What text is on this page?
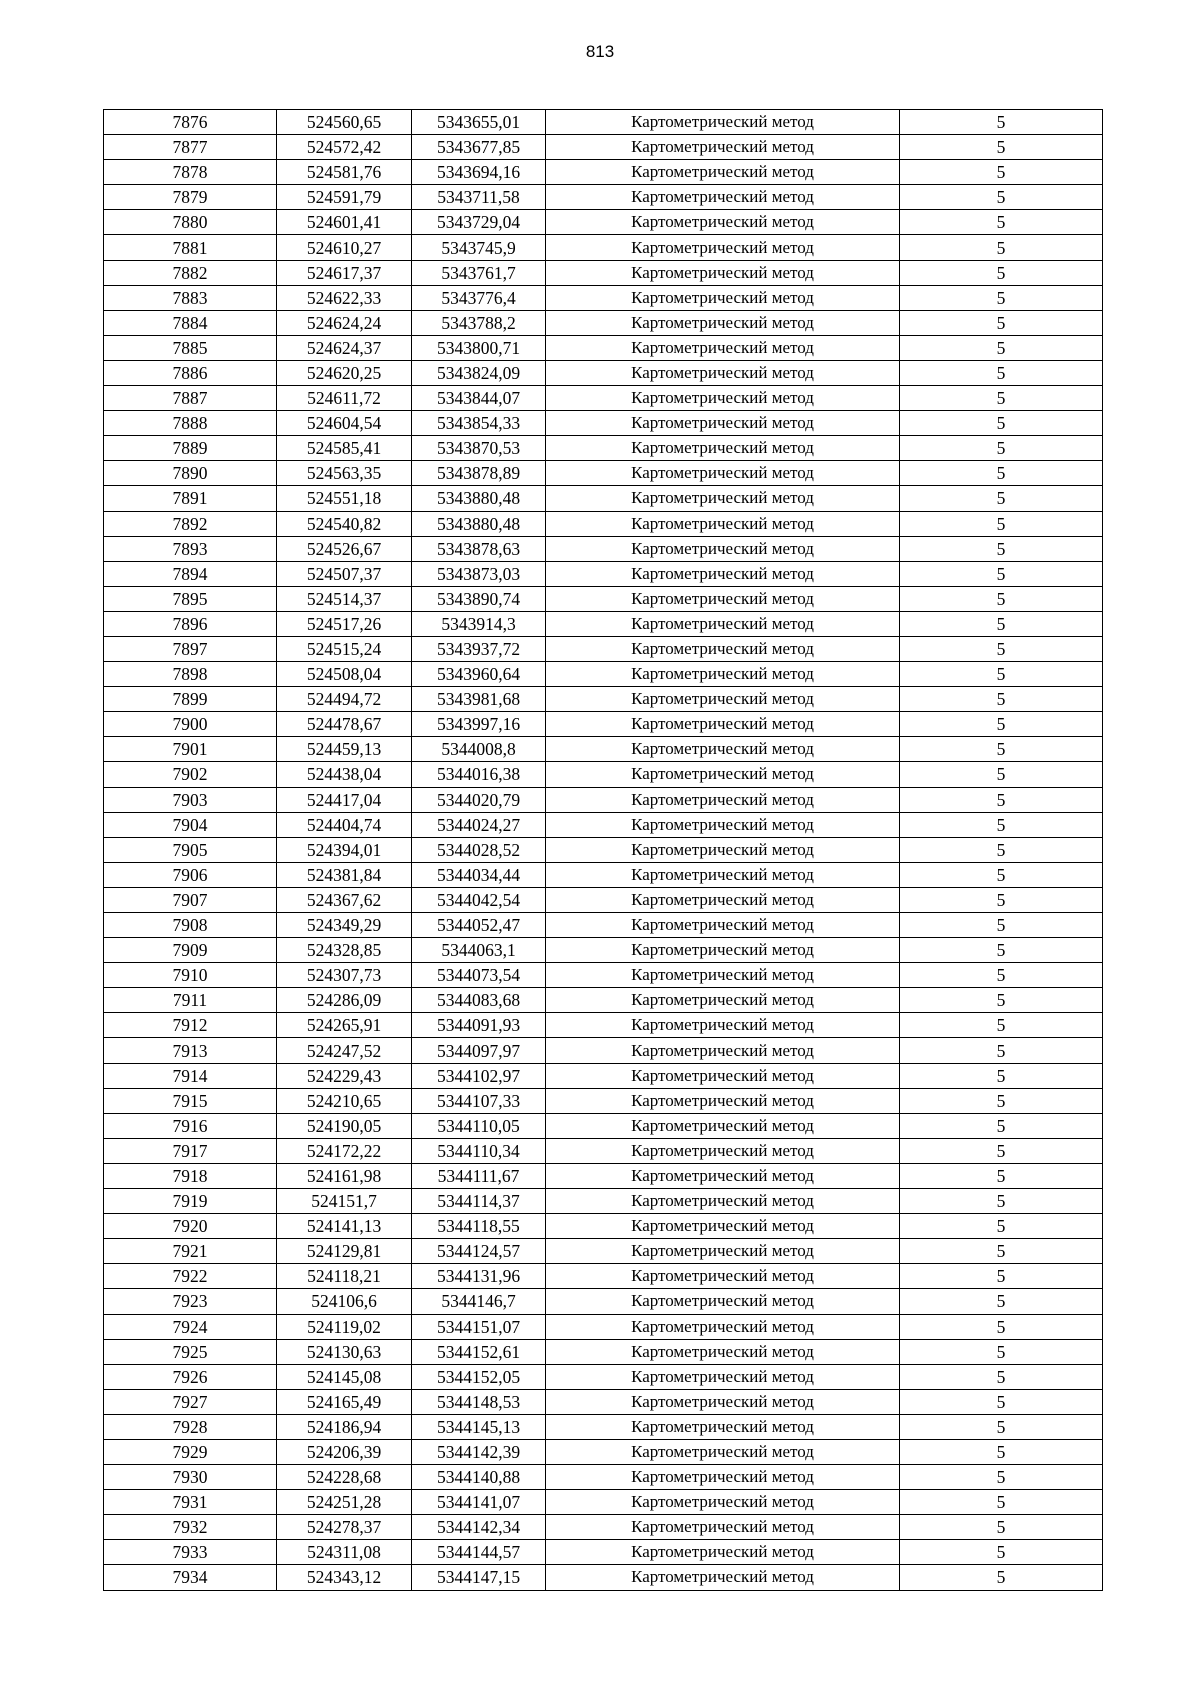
813
7876	524560,65	5343655,01	Картометрический метод	5
7877	524572,42	5343677,85	Картометрический метод	5
7878	524581,76	5343694,16	Картометрический метод	5
7879	524591,79	5343711,58	Картометрический метод	5
7880	524601,41	5343729,04	Картометрический метод	5
7881	524610,27	5343745,9	Картометрический метод	5
7882	524617,37	5343761,7	Картометрический метод	5
7883	524622,33	5343776,4	Картометрический метод	5
7884	524624,24	5343788,2	Картометрический метод	5
7885	524624,37	5343800,71	Картометрический метод	5
7886	524620,25	5343824,09	Картометрический метод	5
7887	524611,72	5343844,07	Картометрический метод	5
7888	524604,54	5343854,33	Картометрический метод	5
7889	524585,41	5343870,53	Картометрический метод	5
7890	524563,35	5343878,89	Картометрический метод	5
7891	524551,18	5343880,48	Картометрический метод	5
7892	524540,82	5343880,48	Картометрический метод	5
7893	524526,67	5343878,63	Картометрический метод	5
7894	524507,37	5343873,03	Картометрический метод	5
7895	524514,37	5343890,74	Картометрический метод	5
7896	524517,26	5343914,3	Картометрический метод	5
7897	524515,24	5343937,72	Картометрический метод	5
7898	524508,04	5343960,64	Картометрический метод	5
7899	524494,72	5343981,68	Картометрический метод	5
7900	524478,67	5343997,16	Картометрический метод	5
7901	524459,13	5344008,8	Картометрический метод	5
7902	524438,04	5344016,38	Картометрический метод	5
7903	524417,04	5344020,79	Картометрический метод	5
7904	524404,74	5344024,27	Картометрический метод	5
7905	524394,01	5344028,52	Картометрический метод	5
7906	524381,84	5344034,44	Картометрический метод	5
7907	524367,62	5344042,54	Картометрический метод	5
7908	524349,29	5344052,47	Картометрический метод	5
7909	524328,85	5344063,1	Картометрический метод	5
7910	524307,73	5344073,54	Картометрический метод	5
7911	524286,09	5344083,68	Картометрический метод	5
7912	524265,91	5344091,93	Картометрический метод	5
7913	524247,52	5344097,97	Картометрический метод	5
7914	524229,43	5344102,97	Картометрический метод	5
7915	524210,65	5344107,33	Картометрический метод	5
7916	524190,05	5344110,05	Картометрический метод	5
7917	524172,22	5344110,34	Картометрический метод	5
7918	524161,98	5344111,67	Картометрический метод	5
7919	524151,7	5344114,37	Картометрический метод	5
7920	524141,13	5344118,55	Картометрический метод	5
7921	524129,81	5344124,57	Картометрический метод	5
7922	524118,21	5344131,96	Картометрический метод	5
7923	524106,6	5344146,7	Картометрический метод	5
7924	524119,02	5344151,07	Картометрический метод	5
7925	524130,63	5344152,61	Картометрический метод	5
7926	524145,08	5344152,05	Картометрический метод	5
7927	524165,49	5344148,53	Картометрический метод	5
7928	524186,94	5344145,13	Картометрический метод	5
7929	524206,39	5344142,39	Картометрический метод	5
7930	524228,68	5344140,88	Картометрический метод	5
7931	524251,28	5344141,07	Картометрический метод	5
7932	524278,37	5344142,34	Картометрический метод	5
7933	524311,08	5344144,57	Картометрический метод	5
7934	524343,12	5344147,15	Картометрический метод	5
